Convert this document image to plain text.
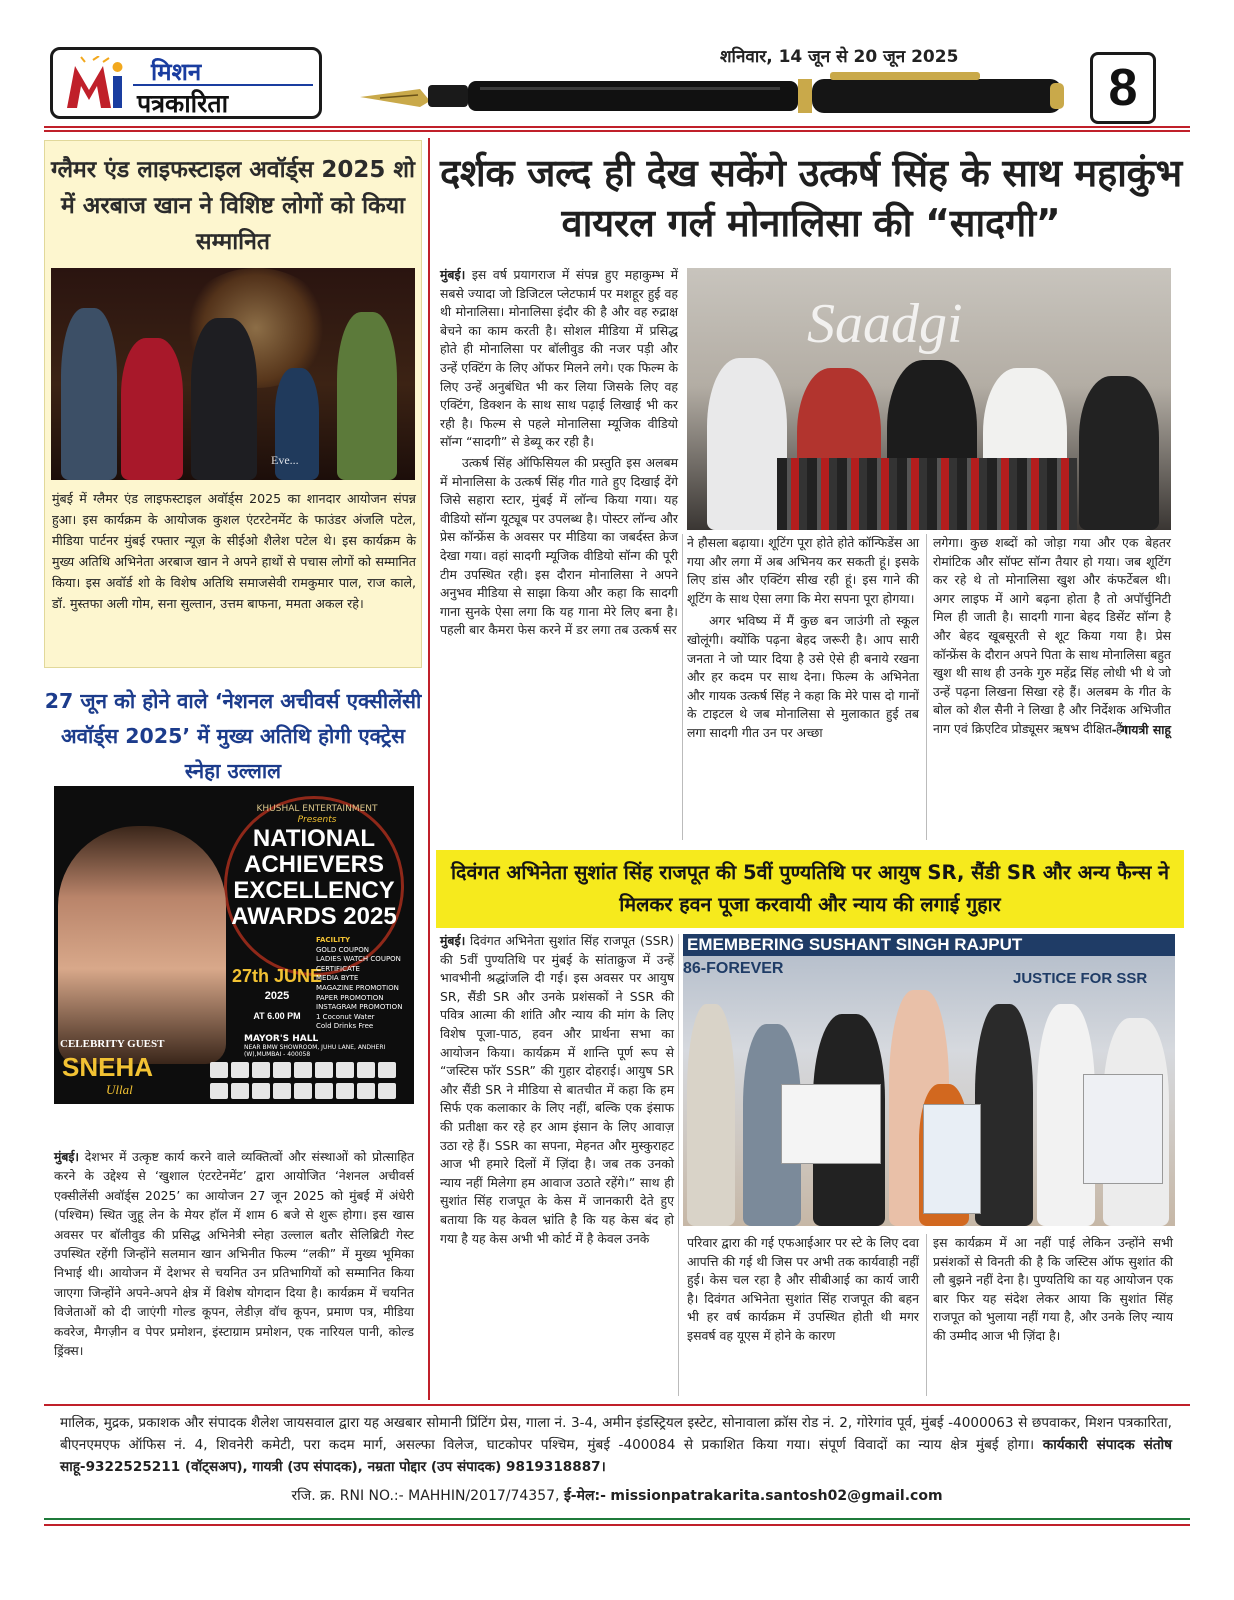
मिशन
पत्रकारिता
शनिवार, 14 जून से 20 जून 2025
8
ग्लैमर एंड लाइफस्टाइल अवॉर्ड्स 2025 शो में अरबाज खान ने विशिष्ट लोगों को किया सम्मानित
Eve...
मुंबई में ग्लैमर एंड लाइफस्टाइल अवॉर्ड्स 2025 का शानदार आयोजन संपन्न हुआ। इस कार्यक्रम के आयोजक कुशल एंटरटेनमेंट के फाउंडर अंजलि पटेल, मीडिया पार्टनर मुंबई रफ्तार न्यूज़ के सीईओ शैलेश पटेल थे। इस कार्यक्रम के मुख्य अतिथि अभिनेता अरबाज खान ने अपने हाथों से पचास लोगों को सम्मानित किया। इस अवॉर्ड शो के विशेष अतिथि समाजसेवी रामकुमार पाल, राज काले, डॉ. मुस्तफा अली गोम, सना सुल्तान, उत्तम बाफना, ममता अकल रहे।
27 जून को होने वाले ‘नेशनल अचीवर्स एक्सीलेंसी अवॉर्ड्स 2025’ में मुख्य अतिथि होगी एक्ट्रेस स्नेहा उल्लाल
KHUSHAL ENTERTAINMENT
Presents
NATIONAL ACHIEVERS EXCELLENCY AWARDS 2025
27th JUNE
2025
AT 6.00 PM
FACILITY
GOLD COUPON
LADIES WATCH COUPON
CERTIFICATE
MEDIA BYTE
MAGAZINE PROMOTION
PAPER PROMOTION
INSTAGRAM PROMOTION
1 Coconut Water
Cold Drinks Free
MAYOR'S HALL
NEAR BMW SHOWROOM, JUHU LANE, ANDHERI (W),MUMBAI - 400058
CELEBRITY GUEST
SNEHA
Ullal
मुंबई। देशभर में उत्कृष्ट कार्य करने वाले व्यक्तित्वों और संस्थाओं को प्रोत्साहित करने के उद्देश्य से ‘खुशाल एंटरटेनमेंट’ द्वारा आयोजित ‘नेशनल अचीवर्स एक्सीलेंसी अवॉर्ड्स 2025’ का आयोजन 27 जून 2025 को मुंबई में अंधेरी (पश्चिम) स्थित जुहू लेन के मेयर हॉल में शाम 6 बजे से शुरू होगा। इस खास अवसर पर बॉलीवुड की प्रसिद्ध अभिनेत्री स्नेहा उल्लाल बतौर सेलिब्रिटी गेस्ट उपस्थित रहेंगी जिन्होंने सलमान खान अभिनीत फिल्म “लकी” में मुख्य भूमिका निभाई थी। आयोजन में देशभर से चयनित उन प्रतिभागियों को सम्मानित किया जाएगा जिन्होंने अपने-अपने क्षेत्र में विशेष योगदान दिया है। कार्यक्रम में चयनित विजेताओं को दी जाएंगी गोल्ड कूपन, लेडीज़ वॉच कूपन, प्रमाण पत्र, मीडिया कवरेज, मैगज़ीन व पेपर प्रमोशन, इंस्टाग्राम प्रमोशन, एक नारियल पानी, कोल्ड ड्रिंक्स।
दर्शक जल्द ही देख सकेंगे उत्कर्ष सिंह के साथ महाकुंभ वायरल गर्ल मोनालिसा की “सादगी”
मुंबई। इस वर्ष प्रयागराज में संपन्न हुए महाकुम्भ में सबसे ज्यादा जो डिजिटल प्लेटफार्म पर मशहूर हुई वह थी मोनालिसा। मोनालिसा इंदौर की है और वह रुद्राक्ष बेचने का काम करती है। सोशल मीडिया में प्रसिद्ध होते ही मोनालिसा पर बॉलीवुड की नजर पड़ी और उन्हें एक्टिंग के लिए ऑफर मिलने लगे। एक फिल्म के लिए उन्हें अनुबंधित भी कर लिया जिसके लिए वह एक्टिंग, डिक्शन के साथ साथ पढ़ाई लिखाई भी कर रही है। फिल्म से पहले मोनालिसा म्यूजिक वीडियो सॉन्ग “सादगी” से डेब्यू कर रही है।
उत्कर्ष सिंह ऑफिसियल की प्रस्तुति इस अलबम में मोनालिसा के उत्कर्ष सिंह गीत गाते हुए दिखाई देंगे जिसे सहारा स्टार, मुंबई में लॉन्च किया गया। यह वीडियो सॉन्ग यूट्यूब पर उपलब्ध है। पोस्टर लॉन्च और प्रेस कॉन्फ्रेंस के अवसर पर मीडिया का जबर्दस्त क्रेज देखा गया। वहां सादगी म्यूजिक वीडियो सॉन्ग की पूरी टीम उपस्थित रही। इस दौरान मोनालिसा ने अपने अनुभव मीडिया से साझा किया और कहा कि सादगी गाना सुनके ऐसा लगा कि यह गाना मेरे लिए बना है। पहली बार कैमरा फेस करने में डर लगा तब उत्कर्ष सर
Saadgi
ने हौसला बढ़ाया। शूटिंग पूरा होते होते कॉन्फिडेंस आ गया और लगा में अब अभिनय कर सकती हूं। इसके लिए डांस और एक्टिंग सीख रही हूं। इस गाने की शूटिंग के साथ ऐसा लगा कि मेरा सपना पूरा होगया।
अगर भविष्य में मैं कुछ बन जाउंगी तो स्कूल खोलूंगी। क्योंकि पढ़ना बेहद जरूरी है। आप सारी जनता ने जो प्यार दिया है उसे ऐसे ही बनाये रखना और हर कदम पर साथ देना। फिल्म के अभिनेता और गायक उत्कर्ष सिंह ने कहा कि मेरे पास दो गानों के टाइटल थे जब मोनालिसा से मुलाकात हुई तब लगा सादगी गीत उन पर अच्छा
लगेगा। कुछ शब्दों को जोड़ा गया और एक बेहतर रोमांटिक और सॉफ्ट सॉन्ग तैयार हो गया। जब शूटिंग कर रहे थे तो मोनालिसा खुश और कंफर्टेबल थी। अगर लाइफ में आगे बढ़ना होता है तो अपॉर्चुनिटी मिल ही जाती है। सादगी गाना बेहद डिसेंट सॉन्ग है और बेहद खूबसूरती से शूट किया गया है। प्रेस कॉन्फ्रेंस के दौरान अपने पिता के साथ मोनालिसा बहुत खुश थी साथ ही उनके गुरु महेंद्र सिंह लोधी भी थे जो उन्हें पढ़ना लिखना सिखा रहे हैं। अलबम के गीत के बोल को शैल सैनी ने लिखा है और निर्देशक अभिजीत नाग एवं क्रिएटिव प्रोड्यूसर ऋषभ दीक्षित हैं।
- गायत्री साहू
दिवंगत अभिनेता सुशांत सिंह राजपूत की 5वीं पुण्यतिथि पर आयुष SR, सैंडी SR और अन्य फैन्स ने मिलकर हवन पूजा करवायी और न्याय की लगाई गुहार
मुंबई। दिवंगत अभिनेता सुशांत सिंह राजपूत (SSR) की 5वीं पुण्यतिथि पर मुंबई के सांताक्रुज में उन्हें भावभीनी श्रद्धांजलि दी गई। इस अवसर पर आयुष SR, सैंडी SR और उनके प्रशंसकों ने SSR की पवित्र आत्मा की शांति और न्याय की मांग के लिए विशेष पूजा-पाठ, हवन और प्रार्थना सभा का आयोजन किया। कार्यक्रम में शान्ति पूर्ण रूप से “जस्टिस फॉर SSR” की गुहार दोहराई। आयुष SR और सैंडी SR ने मीडिया से बातचीत में कहा कि हम सिर्फ एक कलाकार के लिए नहीं, बल्कि एक इंसाफ की प्रतीक्षा कर रहे हर आम इंसान के लिए आवाज़ उठा रहे हैं। SSR का सपना, मेहनत और मुस्कुराहट आज भी हमारे दिलों में ज़िंदा है। जब तक उनको न्याय नहीं मिलेगा हम आवाज उठाते रहेंगे।” साथ ही सुशांत सिंह राजपूत के केस में जानकारी देते हुए बताया कि यह केवल भ्रांति है कि यह केस बंद हो गया है यह केस अभी भी कोर्ट में है केवल उनके
EMEMBERING SUSHANT SINGH RAJPUT
86-FOREVER
JUSTICE FOR SSR
परिवार द्वारा की गई एफआईआर पर स्टे के लिए दवा आपत्ति की गई थी जिस पर अभी तक कार्यवाही नहीं हुई। केस चल रहा है और सीबीआई का कार्य जारी है। दिवंगत अभिनेता सुशांत सिंह राजपूत की बहन भी हर वर्ष कार्यक्रम में उपस्थित होती थी मगर इसवर्ष वह यूएस में होने के कारण
इस कार्यक्रम में आ नहीं पाई लेकिन उन्होंने सभी प्रसंशकों से विनती की है कि जस्टिस ऑफ सुशांत की लौ बुझने नहीं देना है। पुण्यतिथि का यह आयोजन एक बार फिर यह संदेश लेकर आया कि सुशांत सिंह राजपूत को भुलाया नहीं गया है, और उनके लिए न्याय की उम्मीद आज भी ज़िंदा है।
मालिक, मुद्रक, प्रकाशक और संपादक शैलेश जायसवाल द्वारा यह अखबार सोमानी प्रिंटिंग प्रेस, गाला नं. 3-4, अमीन इंडस्ट्रियल इस्टेट, सोनावाला क्रॉस रोड नं. 2, गोरेगांव पूर्व, मुंबई -4000063 से छपवाकर, मिशन पत्रकारिता, बीएनएमएफ ऑफिस नं. 4, शिवनेरी कमेटी, परा कदम मार्ग, असल्फा विलेज, घाटकोपर पश्चिम, मुंबई -400084 से प्रकाशित किया गया। संपूर्ण विवादों का न्याय क्षेत्र मुंबई होगा। कार्यकारी संपादक संतोष साहू-9322525211 (वॉट्सअप), गायत्री (उप संपादक), नम्रता पोद्दार (उप संपादक) 9819318887।
रजि. क्र. RNI NO.:- MAHHIN/2017/74357, ई-मेल:- missionpatrakarita.santosh02@gmail.com
